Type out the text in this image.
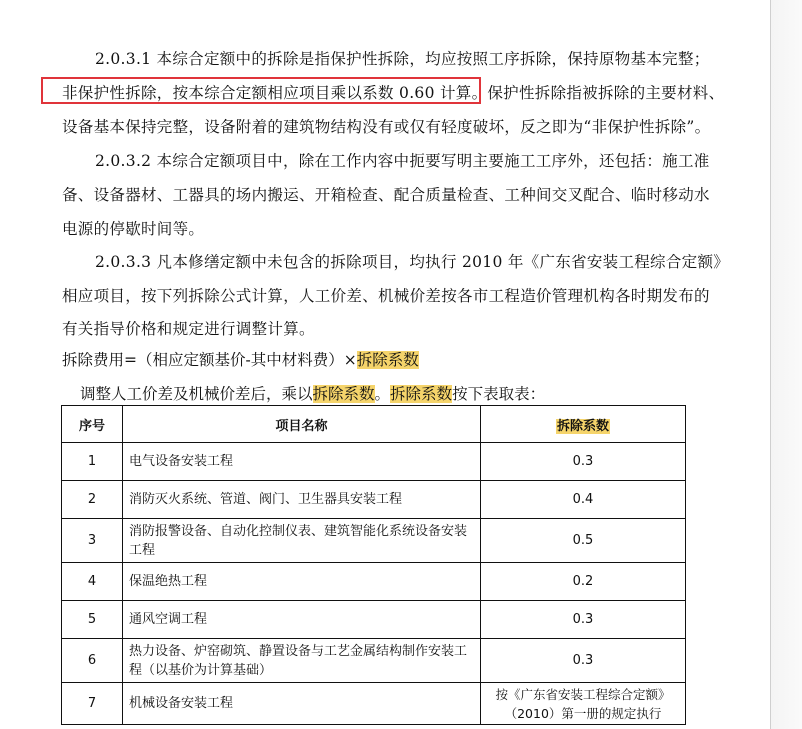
2.0.3.1 本综合定额中的拆除是指保护性拆除，均应按照工序拆除，保持原物基本完整；
非保护性拆除，按本综合定额相应项目乘以系数 0.60 计算。保护性拆除指被拆除的主要材料、
设备基本保持完整，设备附着的建筑物结构没有或仅有轻度破坏，反之即为“非保护性拆除”。
2.0.3.2 本综合定额项目中，除在工作内容中扼要写明主要施工工序外，还包括：施工准
备、设备器材、工器具的场内搬运、开箱检查、配合质量检查、工种间交叉配合、临时移动水
电源的停歇时间等。
2.0.3.3 凡本修缮定额中未包含的拆除项目，均执行 2010 年《广东省安装工程综合定额》
相应项目，按下列拆除公式计算，人工价差、机械价差按各市工程造价管理机构各时期发布的
有关指导价格和规定进行调整计算。
拆除费用=（相应定额基价-其中材料费）×拆除系数
调整人工价差及机械价差后，乘以拆除系数。拆除系数按下表取表：
序号	项目名称	拆除系数
1	电气设备安装工程	0.3
2	消防灭火系统、管道、阀门、卫生器具安装工程	0.4
3	消防报警设备、自动化控制仪表、建筑智能化系统设备安装工程	0.5
4	保温绝热工程	0.2
5	通风空调工程	0.3
6	热力设备、炉窑砌筑、静置设备与工艺金属结构制作安装工程（以基价为计算基础）	0.3
7	机械设备安装工程	按《广东省安装工程综合定额》（2010）第一册的规定执行
